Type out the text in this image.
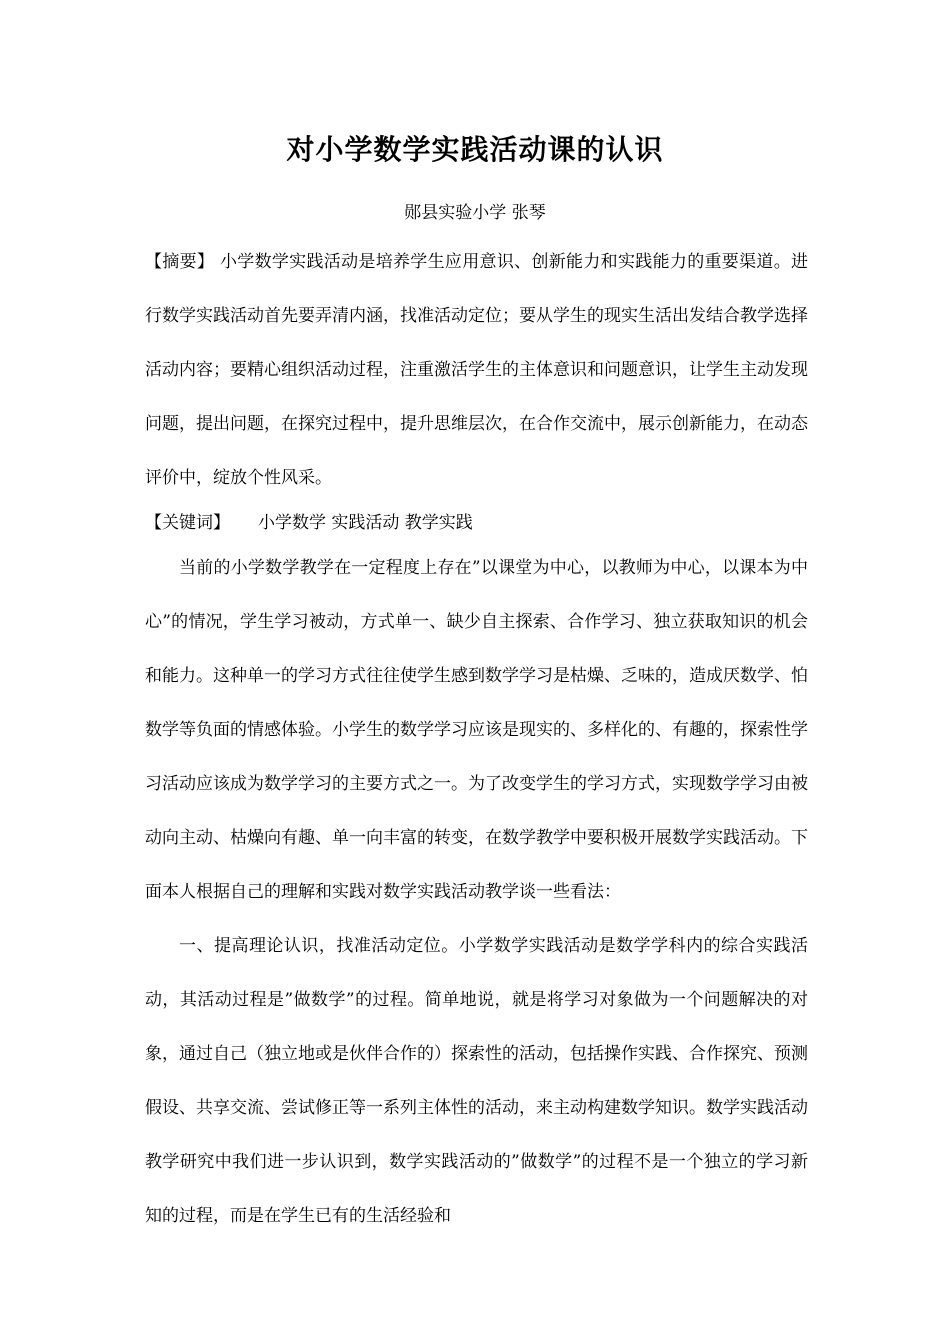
对小学数学实践活动课的认识
郧县实验小学 张琴

【摘要】 小学数学实践活动是培养学生应用意识、创新能力和实践能力的重要渠道。进行数学实践活动首先要弄清内涵，找准活动定位；要从学生的现实生活出发结合教学选择活动内容；要精心组织活动过程，注重激活学生的主体意识和问题意识，让学生主动发现问题，提出问题，在探究过程中，提升思维层次，在合作交流中，展示创新能力，在动态评价中，绽放个性风采。

【关键词】 小学数学 实践活动 教学实践

当前的小学数学教学在一定程度上存在”以课堂为中心，以教师为中心，以课本为中心”的情况，学生学习被动，方式单一、缺少自主探索、合作学习、独立获取知识的机会和能力。这种单一的学习方式往往使学生感到数学学习是枯燥、乏味的，造成厌数学、怕数学等负面的情感体验。小学生的数学学习应该是现实的、多样化的、有趣的，探索性学习活动应该成为数学学习的主要方式之一。为了改变学生的学习方式，实现数学学习由被动向主动、枯燥向有趣、单一向丰富的转变，在数学教学中要积极开展数学实践活动。下面本人根据自己的理解和实践对数学实践活动教学谈一些看法：

一、提高理论认识，找准活动定位。小学数学实践活动是数学学科内的综合实践活动，其活动过程是”做数学”的过程。简单地说，就是将学习对象做为一个问题解决的对象，通过自己（独立地或是伙伴合作的）探索性的活动，包括操作实践、合作探究、预测假设、共享交流、尝试修正等一系列主体性的活动，来主动构建数学知识。数学实践活动教学研究中我们进一步认识到，数学实践活动的”做数学”的过程不是一个独立的学习新知的过程，而是在学生已有的生活经验和
